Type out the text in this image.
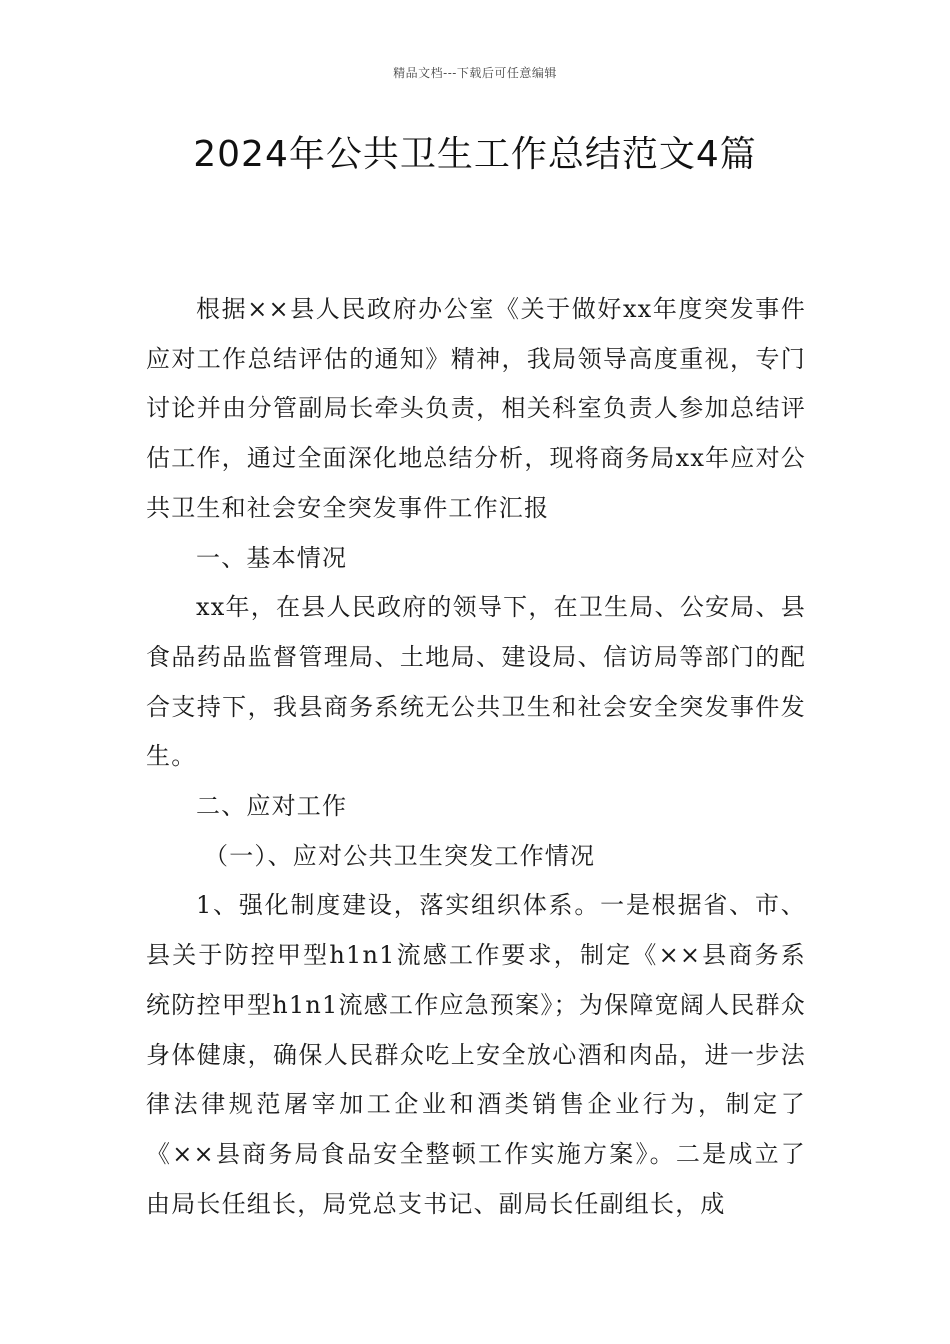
精品文档---下载后可任意编辑
2024年公共卫生工作总结范文4篇

根据××县人民政府办公室《关于做好xx年度突发事件应对工作总结评估的通知》精神，我局领导高度重视，专门讨论并由分管副局长牵头负责，相关科室负责人参加总结评估工作，通过全面深化地总结分析，现将商务局xx年应对公共卫生和社会安全突发事件工作汇报

一、基本情况

xx年，在县人民政府的领导下，在卫生局、公安局、县食品药品监督管理局、土地局、建设局、信访局等部门的配合支持下，我县商务系统无公共卫生和社会安全突发事件发生。

二、应对工作

（一）、应对公共卫生突发工作情况

1、强化制度建设，落实组织体系。一是根据省、市、县关于防控甲型h1n1流感工作要求，制定《××县商务系统防控甲型h1n1流感工作应急预案》；为保障宽阔人民群众身体健康，确保人民群众吃上安全放心酒和肉品，进一步法律法律规范屠宰加工企业和酒类销售企业行为，制定了《××县商务局食品安全整顿工作实施方案》。二是成立了由局长任组长，局党总支书记、副局长任副组长，成
